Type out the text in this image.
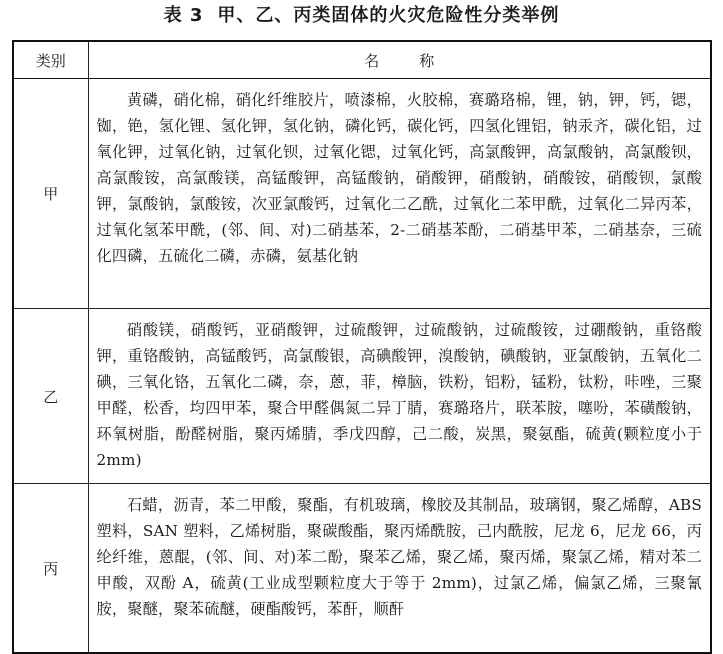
表 3 甲、乙、丙类固体的火灾危险性分类举例
类别	名 称
甲	黄磷，硝化棉，硝化纤维胶片，喷漆棉，火胶棉，赛璐珞棉，锂，钠，钾，钙，锶，铷，铯，氢化锂、氢化钾，氢化钠，磷化钙，碳化钙，四氢化锂铝，钠汞齐，碳化铝，过氧化钾，过氧化钠，过氧化钡，过氧化锶，过氧化钙，高氯酸钾，高氯酸钠，高氯酸钡，高氯酸铵，高氯酸镁，高锰酸钾，高锰酸钠，硝酸钾，硝酸钠，硝酸铵，硝酸钡，氯酸钾，氯酸钠，氯酸铵，次亚氯酸钙，过氧化二乙酰，过氧化二苯甲酰，过氧化二异丙苯，过氧化氢苯甲酰，(邻、间、对)二硝基苯，2-二硝基苯酚，二硝基甲苯，二硝基奈，三硫化四磷，五硫化二磷，赤磷，氨基化钠
乙	硝酸镁，硝酸钙，亚硝酸钾，过硫酸钾，过硫酸钠，过硫酸铵，过硼酸钠，重铬酸钾，重铬酸钠，高锰酸钙，高氯酸银，高碘酸钾，溴酸钠，碘酸钠，亚氯酸钠，五氧化二碘，三氧化铬，五氧化二磷，奈，蒽，菲，樟脑，铁粉，铝粉，锰粉，钛粉，咔唑，三聚甲醛，松香，均四甲苯，聚合甲醛偶氮二异丁腈，赛璐珞片，联苯胺，噻吩，苯磺酸钠，环氧树脂，酚醛树脂，聚丙烯腈，季戊四醇，己二酸，炭黑，聚氨酯，硫黄(颗粒度小于 2mm)
丙	石蜡，沥青，苯二甲酸，聚酯，有机玻璃，橡胶及其制品，玻璃钢，聚乙烯醇，ABS 塑料，SAN 塑料，乙烯树脂，聚碳酸酯，聚丙烯酰胺，己内酰胺，尼龙 6，尼龙 66，丙纶纤维，蒽醌，(邻、间、对)苯二酚，聚苯乙烯，聚乙烯，聚丙烯，聚氯乙烯，精对苯二甲酸，双酚 A，硫黄(工业成型颗粒度大于等于 2mm)，过氯乙烯，偏氯乙烯，三聚氰胺，聚醚，聚苯硫醚，硬酯酸钙，苯酐，顺酐
